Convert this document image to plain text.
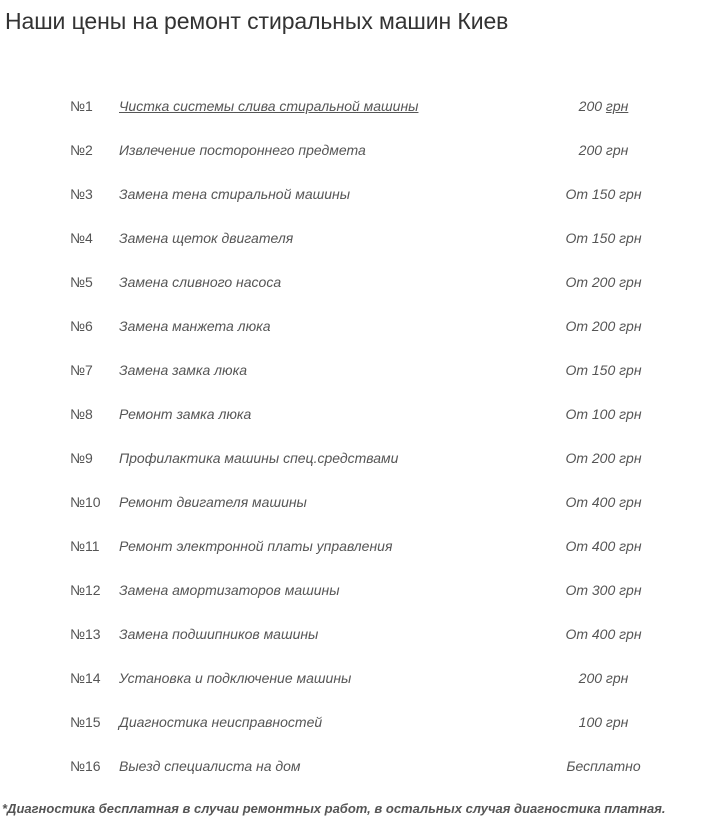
Наши цены на ремонт стиральных машин Киев
№1 Чистка системы слива стиральной машины	200 грн
№2 Извлечение постороннего предмета	200 грн
№3 Замена тена стиральной машины	От 150 грн
№4 Замена щеток двигателя	От 150 грн
№5 Замена сливного насоса	От 200 грн
№6 Замена манжета люка	От 200 грн
№7 Замена замка люка	От 150 грн
№8 Ремонт замка люка	От 100 грн
№9 Профилактика машины спец.средствами	От 200 грн
№10 Ремонт двигателя машины	От 400 грн
№11 Ремонт электронной платы управления	От 400 грн
№12 Замена амортизаторов машины	От 300 грн
№13 Замена подшипников машины	От 400 грн
№14 Установка и подключение машины	200 грн
№15 Диагностика неисправностей	100 грн
№16 Выезд специалиста на дом	Бесплатно

*Диагностика бесплатная в случаи ремонтных работ, в остальных случая диагностика платная.
